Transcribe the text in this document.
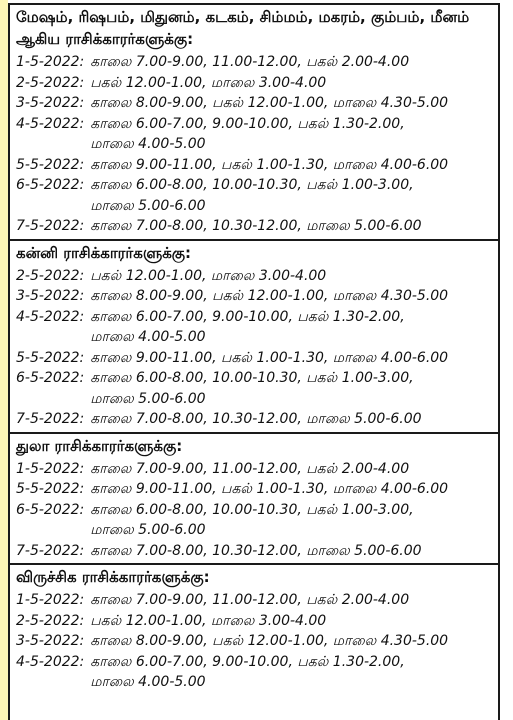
மேஷம், ரிஷபம், மிதுனம், கடகம், சிம்மம், மகரம், கும்பம், மீனம்
ஆகிய ராசிக்காரர்களுக்கு:
1-5-2022: காலை 7.00-9.00, 11.00-12.00, பகல் 2.00-4.00
2-5-2022: பகல் 12.00-1.00, மாலை 3.00-4.00
3-5-2022: காலை 8.00-9.00, பகல் 12.00-1.00, மாலை 4.30-5.00
4-5-2022: காலை 6.00-7.00, 9.00-10.00, பகல் 1.30-2.00,
மாலை 4.00-5.00
5-5-2022: காலை 9.00-11.00, பகல் 1.00-1.30, மாலை 4.00-6.00
6-5-2022: காலை 6.00-8.00, 10.00-10.30, பகல் 1.00-3.00,
மாலை 5.00-6.00
7-5-2022: காலை 7.00-8.00, 10.30-12.00, மாலை 5.00-6.00
கன்னி ராசிக்காரர்களுக்கு:
2-5-2022: பகல் 12.00-1.00, மாலை 3.00-4.00
3-5-2022: காலை 8.00-9.00, பகல் 12.00-1.00, மாலை 4.30-5.00
4-5-2022: காலை 6.00-7.00, 9.00-10.00, பகல் 1.30-2.00,
மாலை 4.00-5.00
5-5-2022: காலை 9.00-11.00, பகல் 1.00-1.30, மாலை 4.00-6.00
6-5-2022: காலை 6.00-8.00, 10.00-10.30, பகல் 1.00-3.00,
மாலை 5.00-6.00
7-5-2022: காலை 7.00-8.00, 10.30-12.00, மாலை 5.00-6.00
துலா ராசிக்காரர்களுக்கு:
1-5-2022: காலை 7.00-9.00, 11.00-12.00, பகல் 2.00-4.00
5-5-2022: காலை 9.00-11.00, பகல் 1.00-1.30, மாலை 4.00-6.00
6-5-2022: காலை 6.00-8.00, 10.00-10.30, பகல் 1.00-3.00,
மாலை 5.00-6.00
7-5-2022: காலை 7.00-8.00, 10.30-12.00, மாலை 5.00-6.00
விருச்சிக ராசிக்காரர்களுக்கு:
1-5-2022: காலை 7.00-9.00, 11.00-12.00, பகல் 2.00-4.00
2-5-2022: பகல் 12.00-1.00, மாலை 3.00-4.00
3-5-2022: காலை 8.00-9.00, பகல் 12.00-1.00, மாலை 4.30-5.00
4-5-2022: காலை 6.00-7.00, 9.00-10.00, பகல் 1.30-2.00,
மாலை 4.00-5.00
